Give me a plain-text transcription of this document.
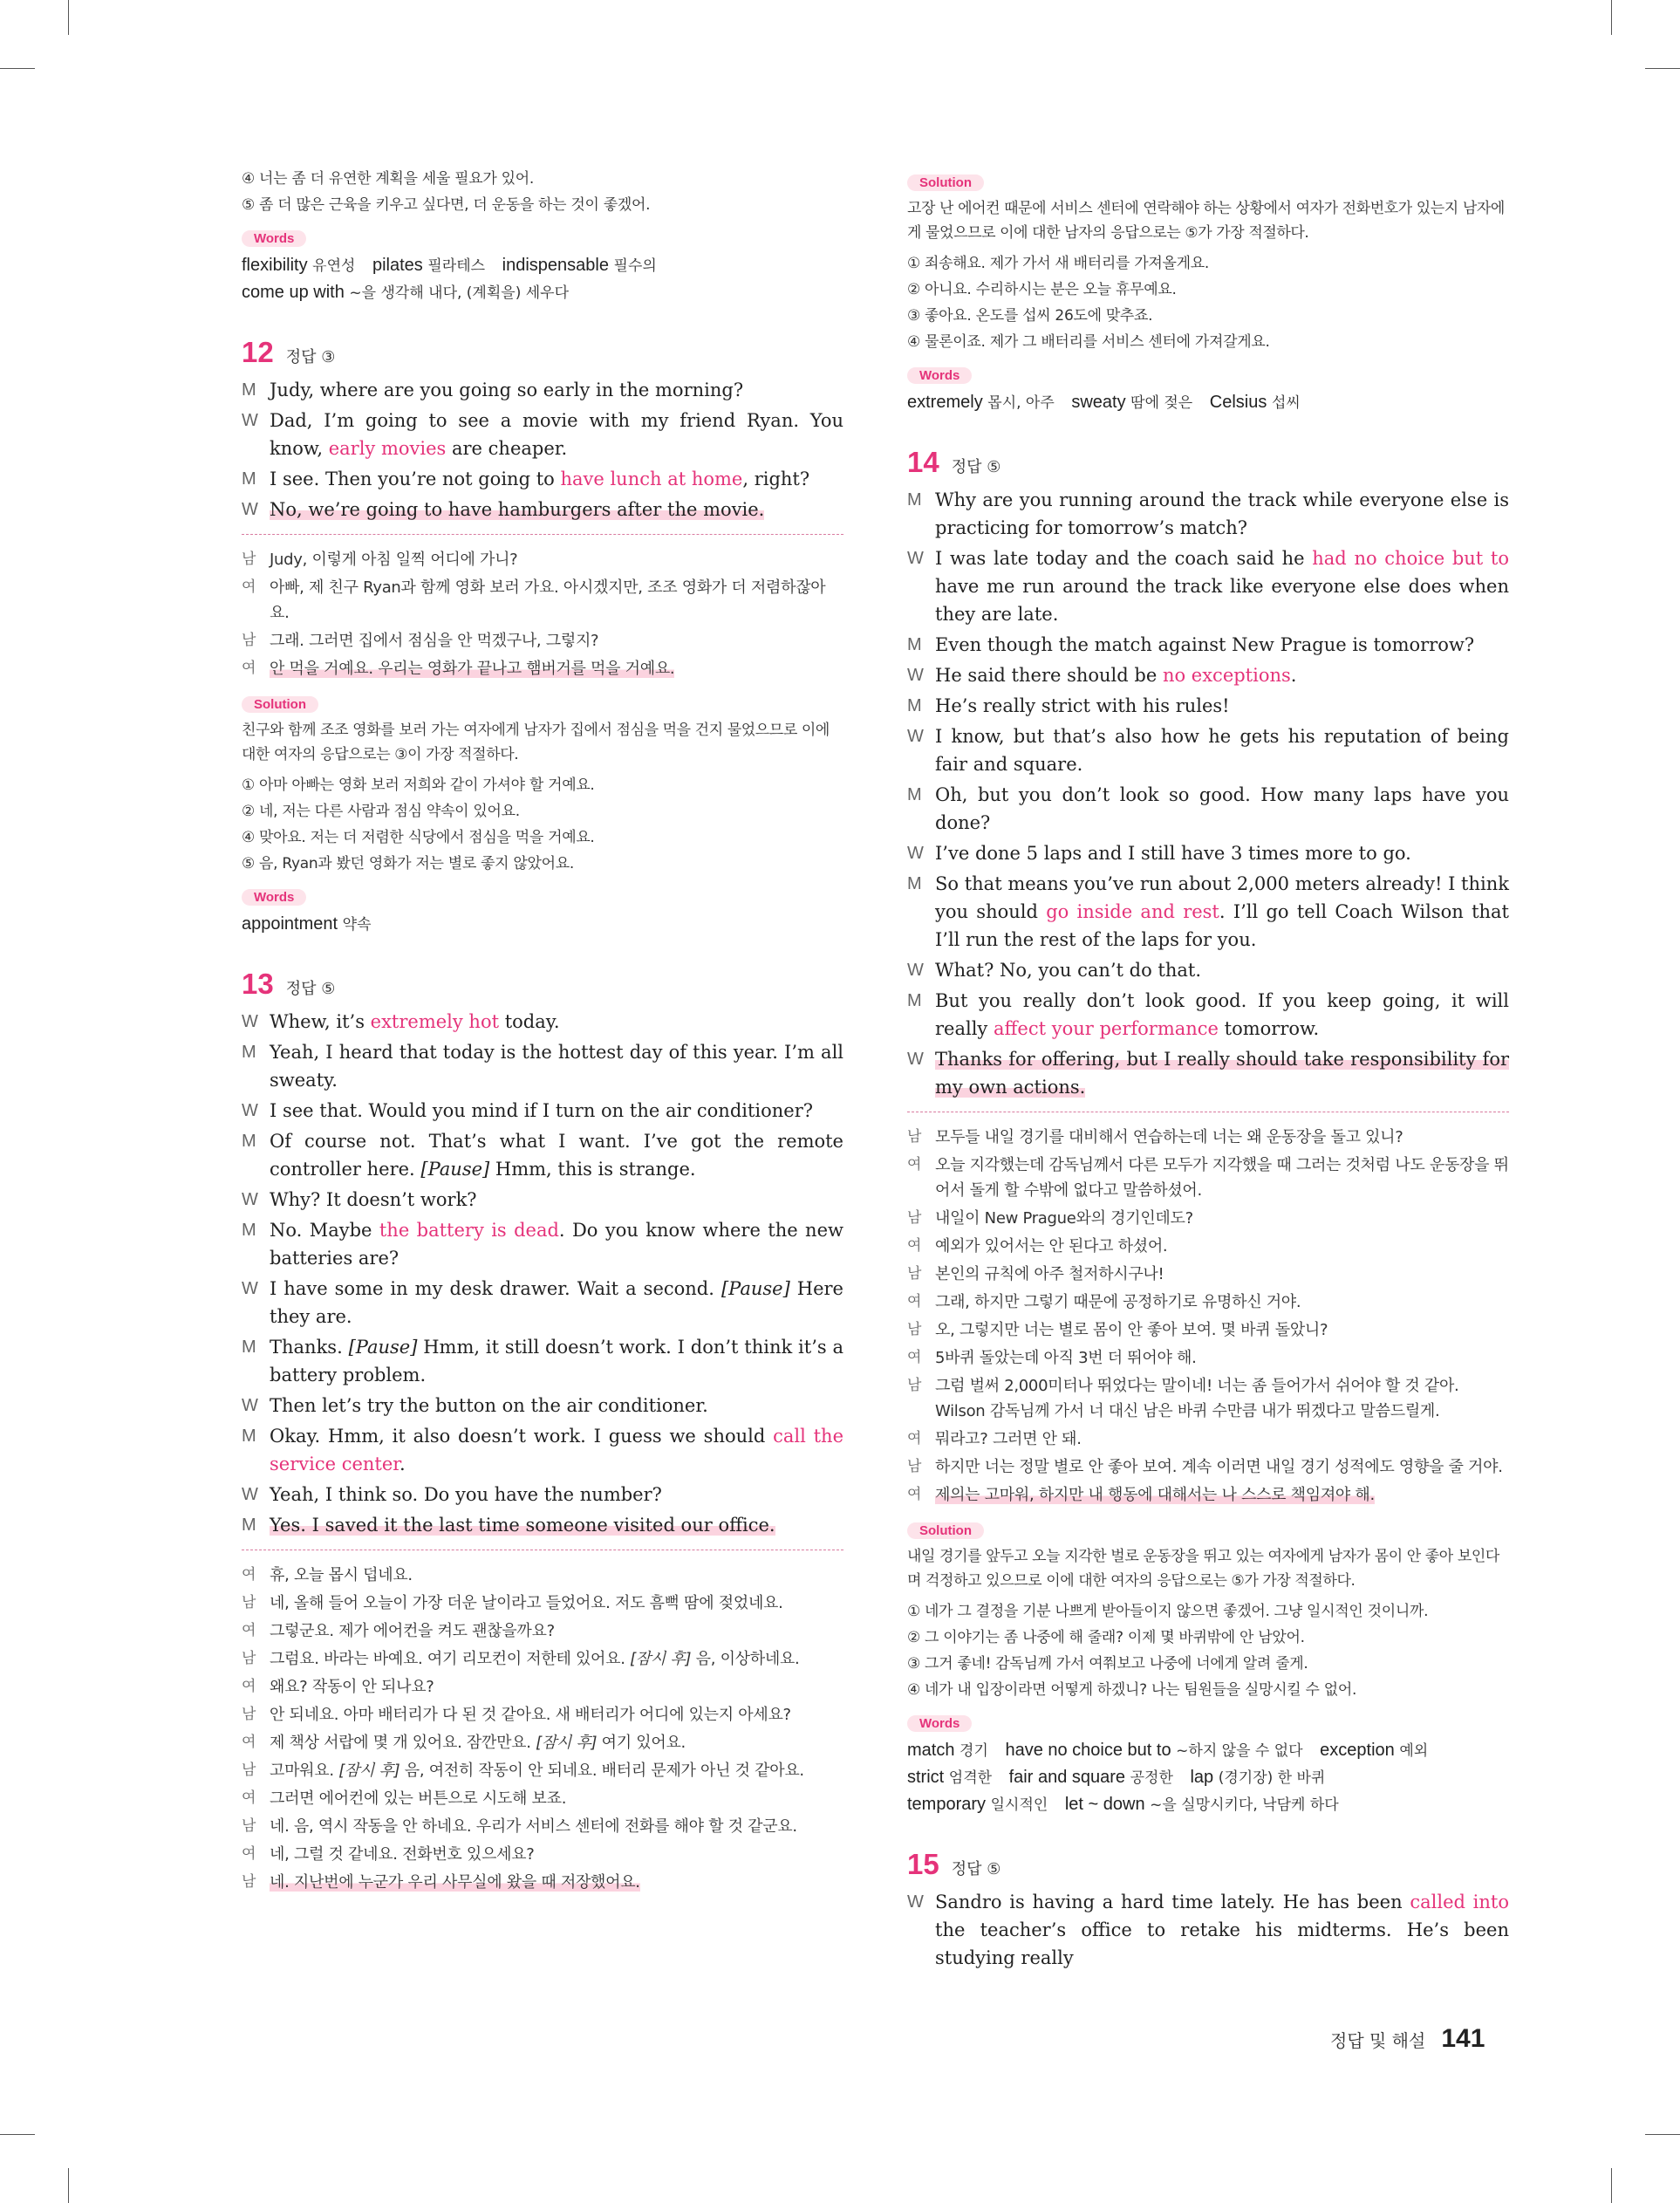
④ 너는 좀 더 유연한 계획을 세울 필요가 있어.
⑤ 좀 더 많은 근육을 키우고 싶다면, 더 운동을 하는 것이 좋겠어.
Words
flexibility 유연성 pilates 필라테스 indispensable 필수의
come up with ~을 생각해 내다, (계획을) 세우다
12 정답 ③
M Judy, where are you going so early in the morning?
W Dad, I’m going to see a movie with my friend Ryan. You know, early movies are cheaper.
M I see. Then you’re not going to have lunch at home, right?
W No, we’re going to have hamburgers after the movie.
남 Judy, 이렇게 아침 일찍 어디에 가니?
여 아빠, 제 친구 Ryan과 함께 영화 보러 가요. 아시겠지만, 조조 영화가 더 저렴하잖아요.
남 그래. 그러면 집에서 점심을 안 먹겠구나, 그렇지?
여 안 먹을 거예요. 우리는 영화가 끝나고 햄버거를 먹을 거예요.
Solution
친구와 함께 조조 영화를 보러 가는 여자에게 남자가 집에서 점심을 먹을 건지 물었으므로 이에 대한 여자의 응답으로는 ③이 가장 적절하다.
① 아마 아빠는 영화 보러 저희와 같이 가셔야 할 거예요.
② 네, 저는 다른 사람과 점심 약속이 있어요.
④ 맞아요. 저는 더 저렴한 식당에서 점심을 먹을 거예요.
⑤ 음, Ryan과 봤던 영화가 저는 별로 좋지 않았어요.
Words
appointment 약속
13 정답 ⑤
W Whew, it’s extremely hot today.
M Yeah, I heard that today is the hottest day of this year. I’m all sweaty.
W I see that. Would you mind if I turn on the air conditioner?
M Of course not. That’s what I want. I’ve got the remote controller here. [Pause] Hmm, this is strange.
W Why? It doesn’t work?
M No. Maybe the battery is dead. Do you know where the new batteries are?
W I have some in my desk drawer. Wait a second. [Pause] Here they are.
M Thanks. [Pause] Hmm, it still doesn’t work. I don’t think it’s a battery problem.
W Then let’s try the button on the air conditioner.
M Okay. Hmm, it also doesn’t work. I guess we should call the service center.
W Yeah, I think so. Do you have the number?
M Yes. I saved it the last time someone visited our office.
여 휴, 오늘 몹시 덥네요.
남 네, 올해 들어 오늘이 가장 더운 날이라고 들었어요. 저도 흠뻑 땀에 젖었네요.
여 그렇군요. 제가 에어컨을 켜도 괜찮을까요?
남 그럼요. 바라는 바예요. 여기 리모컨이 저한테 있어요. [잠시 후] 음, 이상하네요.
여 왜요? 작동이 안 되나요?
남 안 되네요. 아마 배터리가 다 된 것 같아요. 새 배터리가 어디에 있는지 아세요?
여 제 책상 서랍에 몇 개 있어요. 잠깐만요. [잠시 후] 여기 있어요.
남 고마워요. [잠시 후] 음, 여전히 작동이 안 되네요. 배터리 문제가 아닌 것 같아요.
여 그러면 에어컨에 있는 버튼으로 시도해 보죠.
남 네. 음, 역시 작동을 안 하네요. 우리가 서비스 센터에 전화를 해야 할 것 같군요.
여 네, 그럴 것 같네요. 전화번호 있으세요?
남 네. 지난번에 누군가 우리 사무실에 왔을 때 저장했어요.
Solution
고장 난 에어컨 때문에 서비스 센터에 연락해야 하는 상황에서 여자가 전화번호가 있는지 남자에게 물었으므로 이에 대한 남자의 응답으로는 ⑤가 가장 적절하다.
① 죄송해요. 제가 가서 새 배터리를 가져올게요.
② 아니요. 수리하시는 분은 오늘 휴무예요.
③ 좋아요. 온도를 섭씨 26도에 맞추죠.
④ 물론이죠. 제가 그 배터리를 서비스 센터에 가져갈게요.
Words
extremely 몹시, 아주 sweaty 땀에 젖은 Celsius 섭씨
14 정답 ⑤
M Why are you running around the track while everyone else is practicing for tomorrow’s match?
W I was late today and the coach said he had no choice but to have me run around the track like everyone else does when they are late.
M Even though the match against New Prague is tomorrow?
W He said there should be no exceptions.
M He’s really strict with his rules!
W I know, but that’s also how he gets his reputation of being fair and square.
M Oh, but you don’t look so good. How many laps have you done?
W I’ve done 5 laps and I still have 3 times more to go.
M So that means you’ve run about 2,000 meters already! I think you should go inside and rest. I’ll go tell Coach Wilson that I’ll run the rest of the laps for you.
W What? No, you can’t do that.
M But you really don’t look good. If you keep going, it will really affect your performance tomorrow.
W Thanks for offering, but I really should take responsibility for my own actions.
남 모두들 내일 경기를 대비해서 연습하는데 너는 왜 운동장을 돌고 있니?
여 오늘 지각했는데 감독님께서 다른 모두가 지각했을 때 그러는 것처럼 나도 운동장을 뛰어서 돌게 할 수밖에 없다고 말씀하셨어.
남 내일이 New Prague와의 경기인데도?
여 예외가 있어서는 안 된다고 하셨어.
남 본인의 규칙에 아주 철저하시구나!
여 그래, 하지만 그렇기 때문에 공정하기로 유명하신 거야.
남 오, 그렇지만 너는 별로 몸이 안 좋아 보여. 몇 바퀴 돌았니?
여 5바퀴 돌았는데 아직 3번 더 뛰어야 해.
남 그럼 벌써 2,000미터나 뛰었다는 말이네! 너는 좀 들어가서 쉬어야 할 것 같아. Wilson 감독님께 가서 너 대신 남은 바퀴 수만큼 내가 뛰겠다고 말씀드릴게.
여 뭐라고? 그러면 안 돼.
남 하지만 너는 정말 별로 안 좋아 보여. 계속 이러면 내일 경기 성적에도 영향을 줄 거야.
여 제의는 고마워, 하지만 내 행동에 대해서는 나 스스로 책임져야 해.
Solution
내일 경기를 앞두고 오늘 지각한 벌로 운동장을 뛰고 있는 여자에게 남자가 몸이 안 좋아 보인다며 걱정하고 있으므로 이에 대한 여자의 응답으로는 ⑤가 가장 적절하다.
① 네가 그 결정을 기분 나쁘게 받아들이지 않으면 좋겠어. 그냥 일시적인 것이니까.
② 그 이야기는 좀 나중에 해 줄래? 이제 몇 바퀴밖에 안 남았어.
③ 그거 좋네! 감독님께 가서 여쭤보고 나중에 너에게 알려 줄게.
④ 네가 내 입장이라면 어떻게 하겠니? 나는 팀원들을 실망시킬 수 없어.
Words
match 경기 have no choice but to ~하지 않을 수 없다 exception 예외
strict 엄격한 fair and square 공정한 lap (경기장) 한 바퀴
temporary 일시적인 let ~ down ~을 실망시키다, 낙담케 하다
15 정답 ⑤
W Sandro is having a hard time lately. He has been called into the teacher’s office to retake his midterms. He’s been studying really
정답 및 해설 141
